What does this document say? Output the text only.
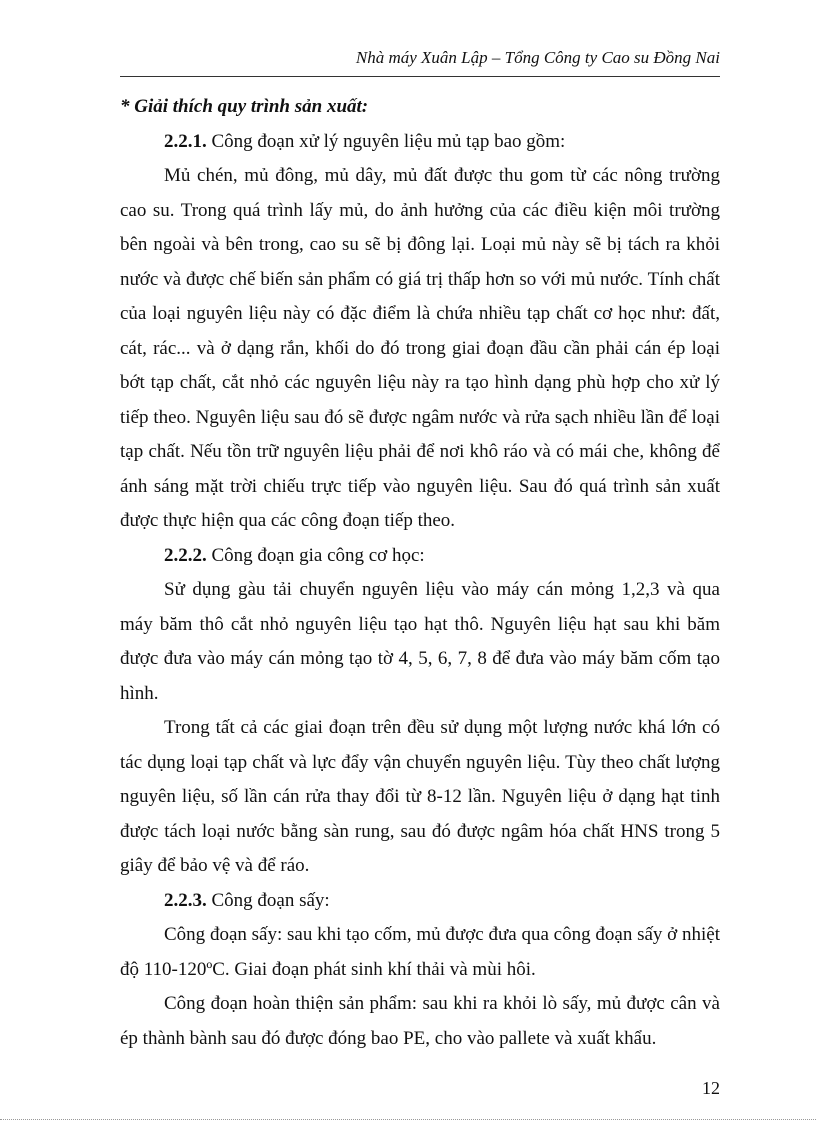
Nhà máy Xuân Lập – Tổng Công ty Cao su Đồng Nai

* Giải thích quy trình sản xuất:

2.2.1. Công đoạn xử lý nguyên liệu mủ tạp bao gồm:

Mủ chén, mủ đông, mủ dây, mủ đất được thu gom từ các nông trường cao su. Trong quá trình lấy mủ, do ảnh hưởng của các điều kiện môi trường bên ngoài và bên trong, cao su sẽ bị đông lại. Loại mủ này sẽ bị tách ra khỏi nước và được chế biến sản phẩm có giá trị thấp hơn so với mủ nước. Tính chất của loại nguyên liệu này có đặc điểm là chứa nhiều tạp chất cơ học như: đất, cát, rác... và ở dạng rắn, khối do đó trong giai đoạn đầu cần phải cán ép loại bớt tạp chất, cắt nhỏ các nguyên liệu này ra tạo hình dạng phù hợp cho xử lý tiếp theo. Nguyên liệu sau đó sẽ được ngâm nước và rửa sạch nhiều lần để loại tạp chất. Nếu tồn trữ nguyên liệu phải để nơi khô ráo và có mái che, không để ánh sáng mặt trời chiếu trực tiếp vào nguyên liệu. Sau đó quá trình sản xuất được thực hiện qua các công đoạn tiếp theo.

2.2.2. Công đoạn gia công cơ học:

Sử dụng gàu tải chuyển nguyên liệu vào máy cán mỏng 1,2,3 và qua máy băm thô cắt nhỏ nguyên liệu tạo hạt thô. Nguyên liệu hạt sau khi băm được đưa vào máy cán mỏng tạo tờ 4, 5, 6, 7, 8 để đưa vào máy băm cốm tạo hình.

Trong tất cả các giai đoạn trên đều sử dụng một lượng nước khá lớn có tác dụng loại tạp chất và lực đẩy vận chuyển nguyên liệu. Tùy theo chất lượng nguyên liệu, số lần cán rửa thay đổi từ 8-12 lần. Nguyên liệu ở dạng hạt tinh được tách loại nước bằng sàn rung, sau đó được ngâm hóa chất HNS trong 5 giây để bảo vệ và để ráo.

2.2.3. Công đoạn sấy:

Công đoạn sấy: sau khi tạo cốm, mủ được đưa qua công đoạn sấy ở nhiệt độ 110-120ºC. Giai đoạn phát sinh khí thải và mùi hôi.

Công đoạn hoàn thiện sản phẩm: sau khi ra khỏi lò sấy, mủ được cân và ép thành bành sau đó được đóng bao PE, cho vào pallete và xuất khẩu.

12
